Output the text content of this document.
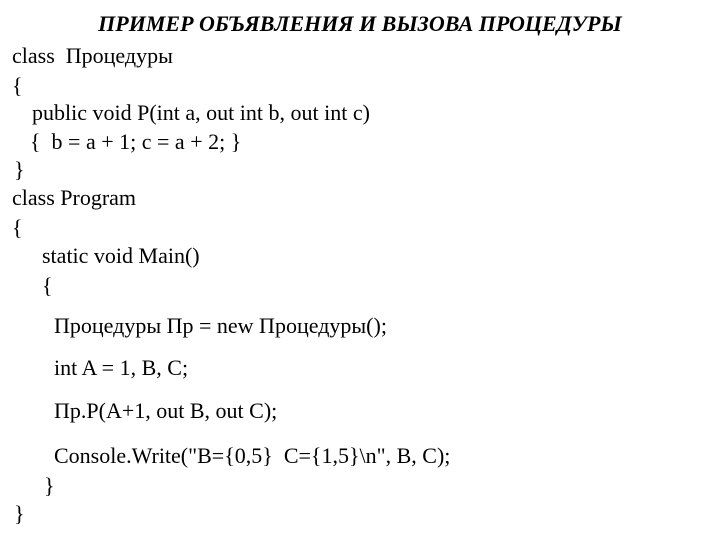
ПРИМЕР ОБЪЯВЛЕНИЯ И ВЫЗОВА ПРОЦЕДУРЫ
class  Процедуры
{
public void P(int a, out int b, out int c)
{  b = a + 1; c = a + 2; }
}
class Program
{
static void Main()
{
Процедуры Пр = new Процедуры();
int A = 1, B, C;
Пр.P(A+1, out B, out C);
Console.Write("B={0,5}  C={1,5}\n", B, C);
}
}
